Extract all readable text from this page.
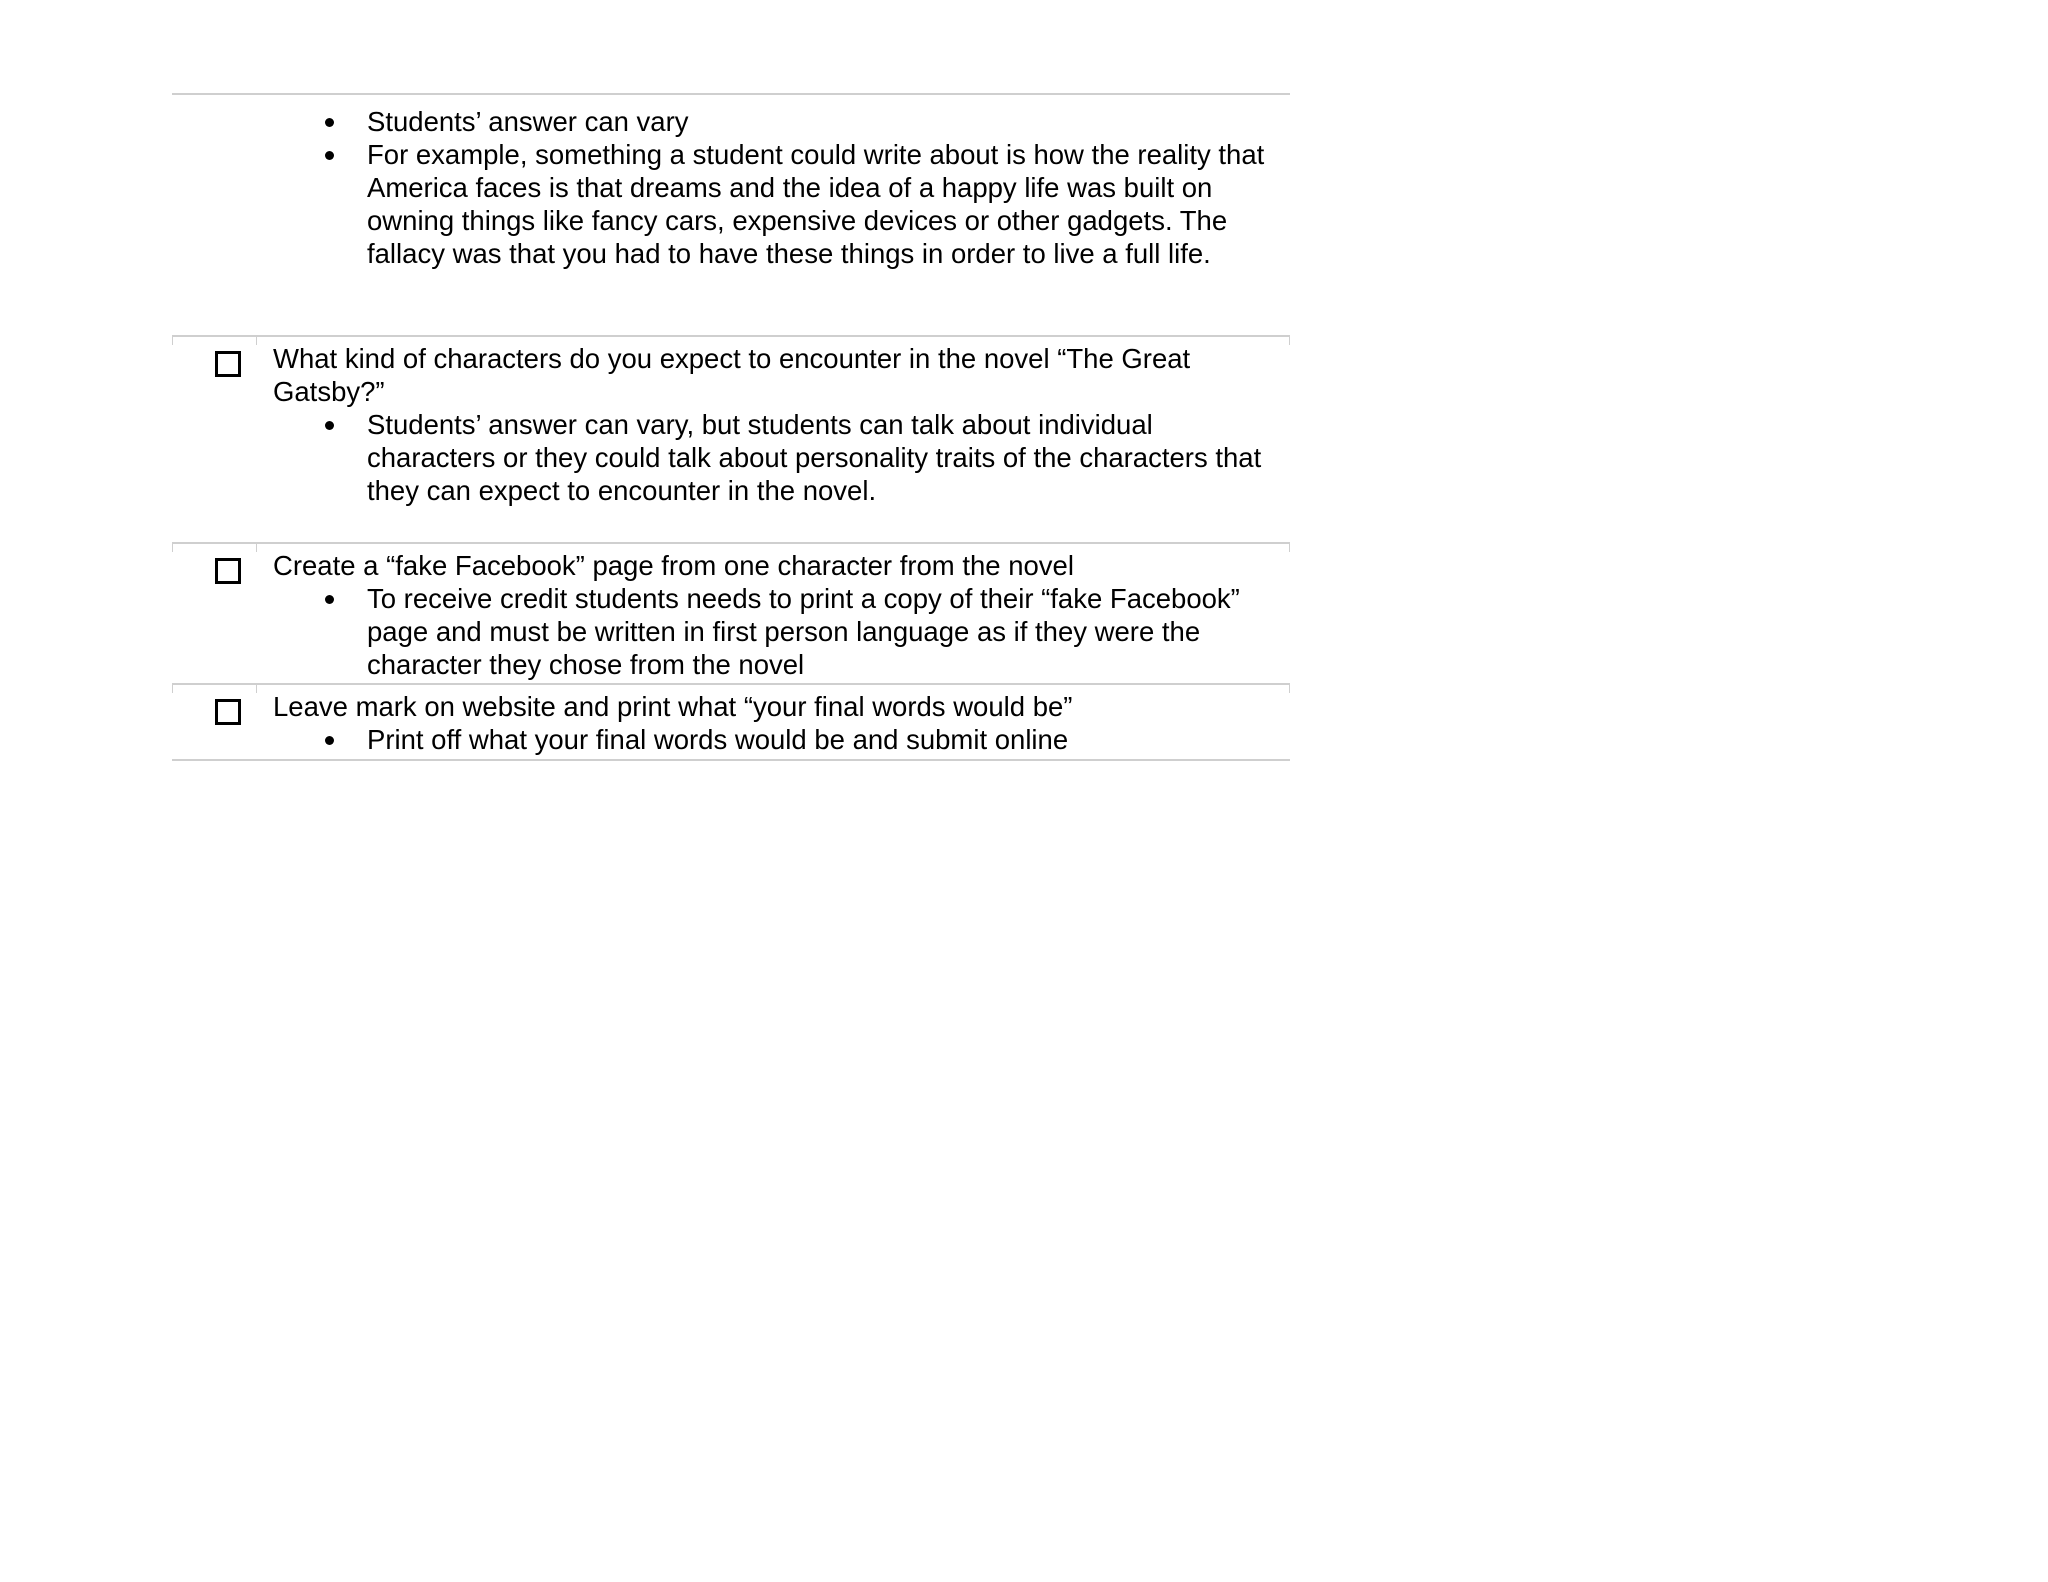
Students’ answer can vary
For example, something a student could write about is how the reality that America faces is that dreams and the idea of a happy life was built on owning things like fancy cars, expensive devices or other gadgets. The fallacy was that you had to have these things in order to live a full life.

What kind of characters do you expect to encounter in the novel “The Great Gatsby?”

Students’ answer can vary, but students can talk about individual characters or they could talk about personality traits of the characters that they can expect to encounter in the novel.

Create a “fake Facebook” page from one character from the novel

To receive credit students needs to print a copy of their “fake Facebook” page and must be written in first person language as if they were the character they chose from the novel

Leave mark on website and print what “your final words would be”

Print off what your final words would be and submit online
